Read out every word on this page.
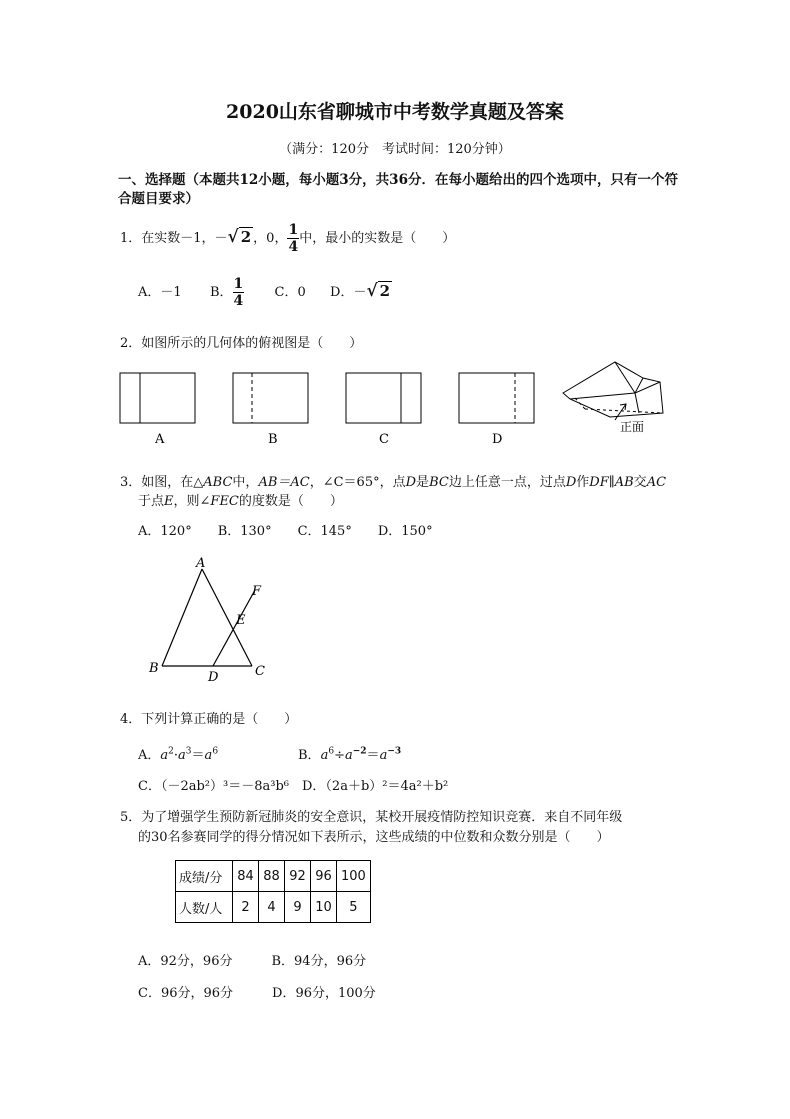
2020山东省聊城市中考数学真题及答案
（满分：120分　考试时间：120分钟）
一、选择题（本题共12小题，每小题3分，共36分．在每小题给出的四个选项中，只有一个符合题目要求）
1．在实数－1，－√ 2 ，0， $\frac{1}{4}$ 中，最小的实数是（　　）
A．－1 B． $\frac{1}{4}$ C．0 D．－√ 2
2．如图所示的几何体的俯视图是（　　）
正面
A	B	C	D
3．如图，在△ABC中，AB＝AC，∠C＝65°，点D是BC边上任意一点，过点D作DF∥AB交AC
于点E，则∠FEC的度数是（　　）
A．120°　　B．130°　　C．145°　　D．150°
A
B	C
D
E
F
4．下列计算正确的是（　　）
A．$a^2\cdot a^3=a^6$	B．$a^6\div a^{-2}=a^{-3}$
C．（－2ab²）³＝－8a³b⁶ D．（2a＋b）²＝4a²＋b²
5．为了增强学生预防新冠肺炎的安全意识，某校开展疫情防控知识竞赛．来自不同年级
的30名参赛同学的得分情况如下表所示，这些成绩的中位数和众数分别是（　　）
成绩/分	84	88	92	96	100
人数/人	2	4	9	10	5
A．92分，96分　　　B．94分，96分
C．96分，96分　　　D．96分，100分
